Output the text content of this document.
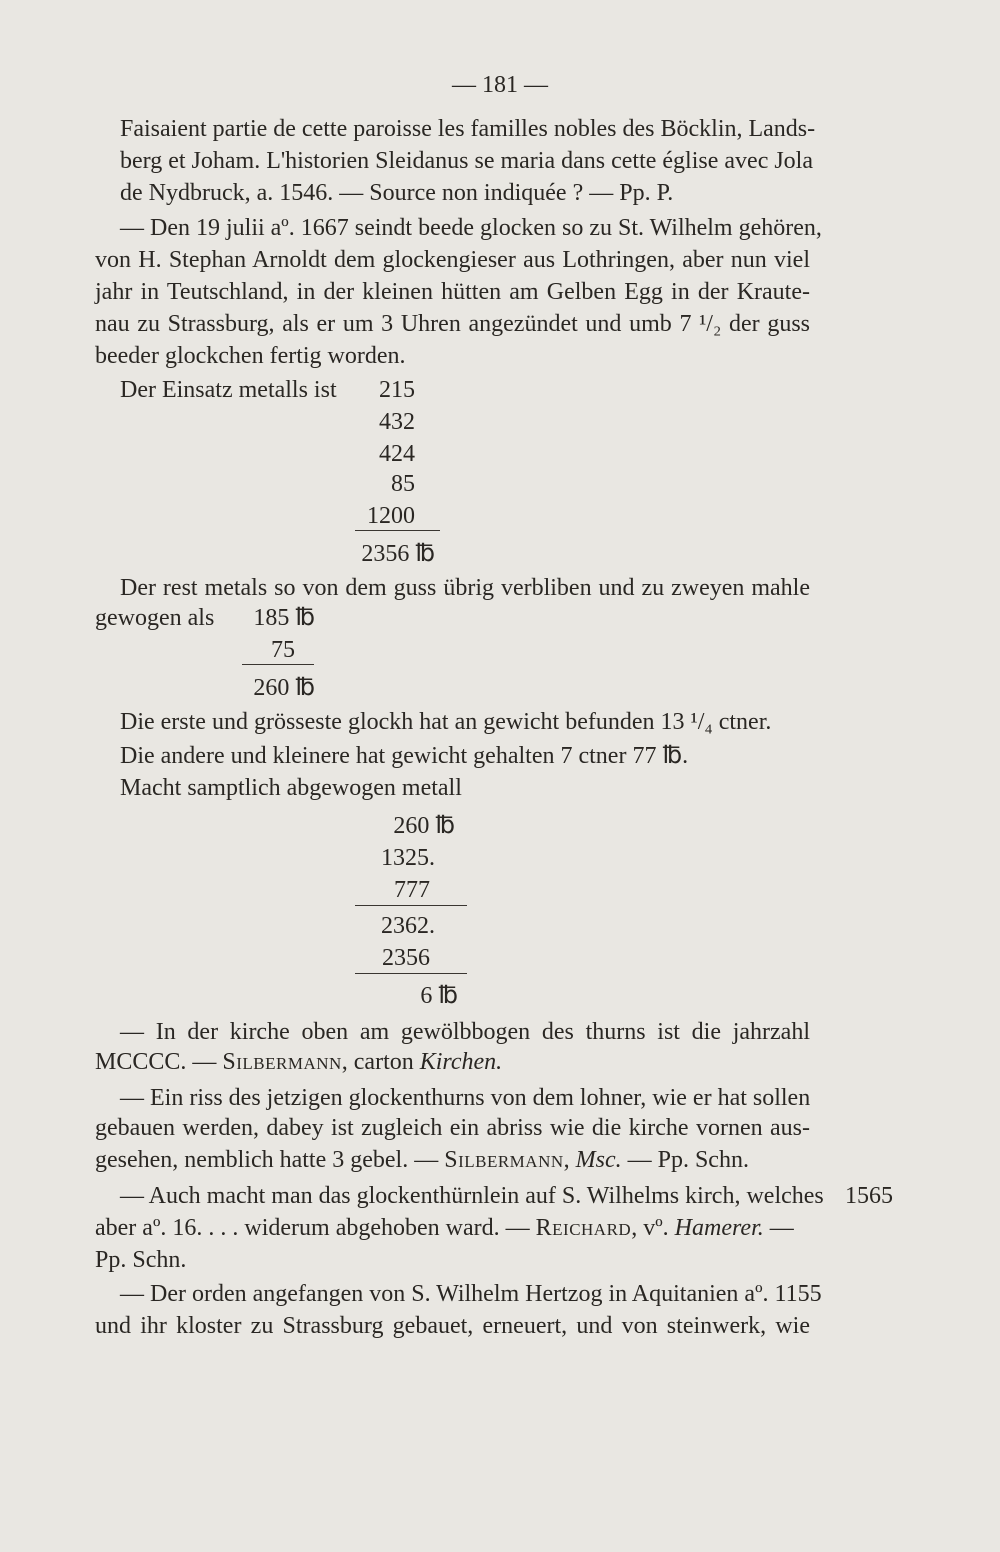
— 181 —
Faisaient partie de cette paroisse les familles nobles des Böcklin, Lands-
berg et Joham. L'historien Sleidanus se maria dans cette église avec Jola
de Nydbruck, a. 1546. — Source non indiquée ? — Pp. P.
— Den 19 julii aº. 1667 seindt beede glocken so zu St. Wilhelm gehören,
von H. Stephan Arnoldt dem glockengieser aus Lothringen, aber nun viel
jahr in Teutschland, in der kleinen hütten am Gelben Egg in der Kraute-
nau zu Strassburg, als er um 3 Uhren angezündet und umb 7 ¹/₂ der guss
beeder glockchen fertig worden.
Der Einsatz metalls ist	215
432
424
85
1200
2356 ℔
Der rest metals so von dem guss übrig verbliben und zu zweyen mahle
gewogen als	185 ℔
75
260 ℔
Die erste und grösseste glockh hat an gewicht befunden 13 ¹/₄ ctner.
Die andere und kleinere hat gewicht gehalten 7 ctner 77 ℔.
Macht samptlich abgewogen metall
260 ℔
1325.
777
2362.
2356
6 ℔
— In der kirche oben am gewölbbogen des thurns ist die jahrzahl
MCCCC. — Silbermann, carton Kirchen.
— Ein riss des jetzigen glockenthurns von dem lohner, wie er hat sollen
gebauen werden, dabey ist zugleich ein abriss wie die kirche vornen aus-
gesehen, nemblich hatte 3 gebel. — Silbermann, Msc. — Pp. Schn.
— Auch macht man das glockenthürnlein auf S. Wilhelms kirch, welches 1565
aber aº. 16. . . . widerum abgehoben ward. — Reichard, vº. Hamerer. —
Pp. Schn.
— Der orden angefangen von S. Wilhelm Hertzog in Aquitanien aº. 1155
und ihr kloster zu Strassburg gebauet, erneuert, und von steinwerk, wie
